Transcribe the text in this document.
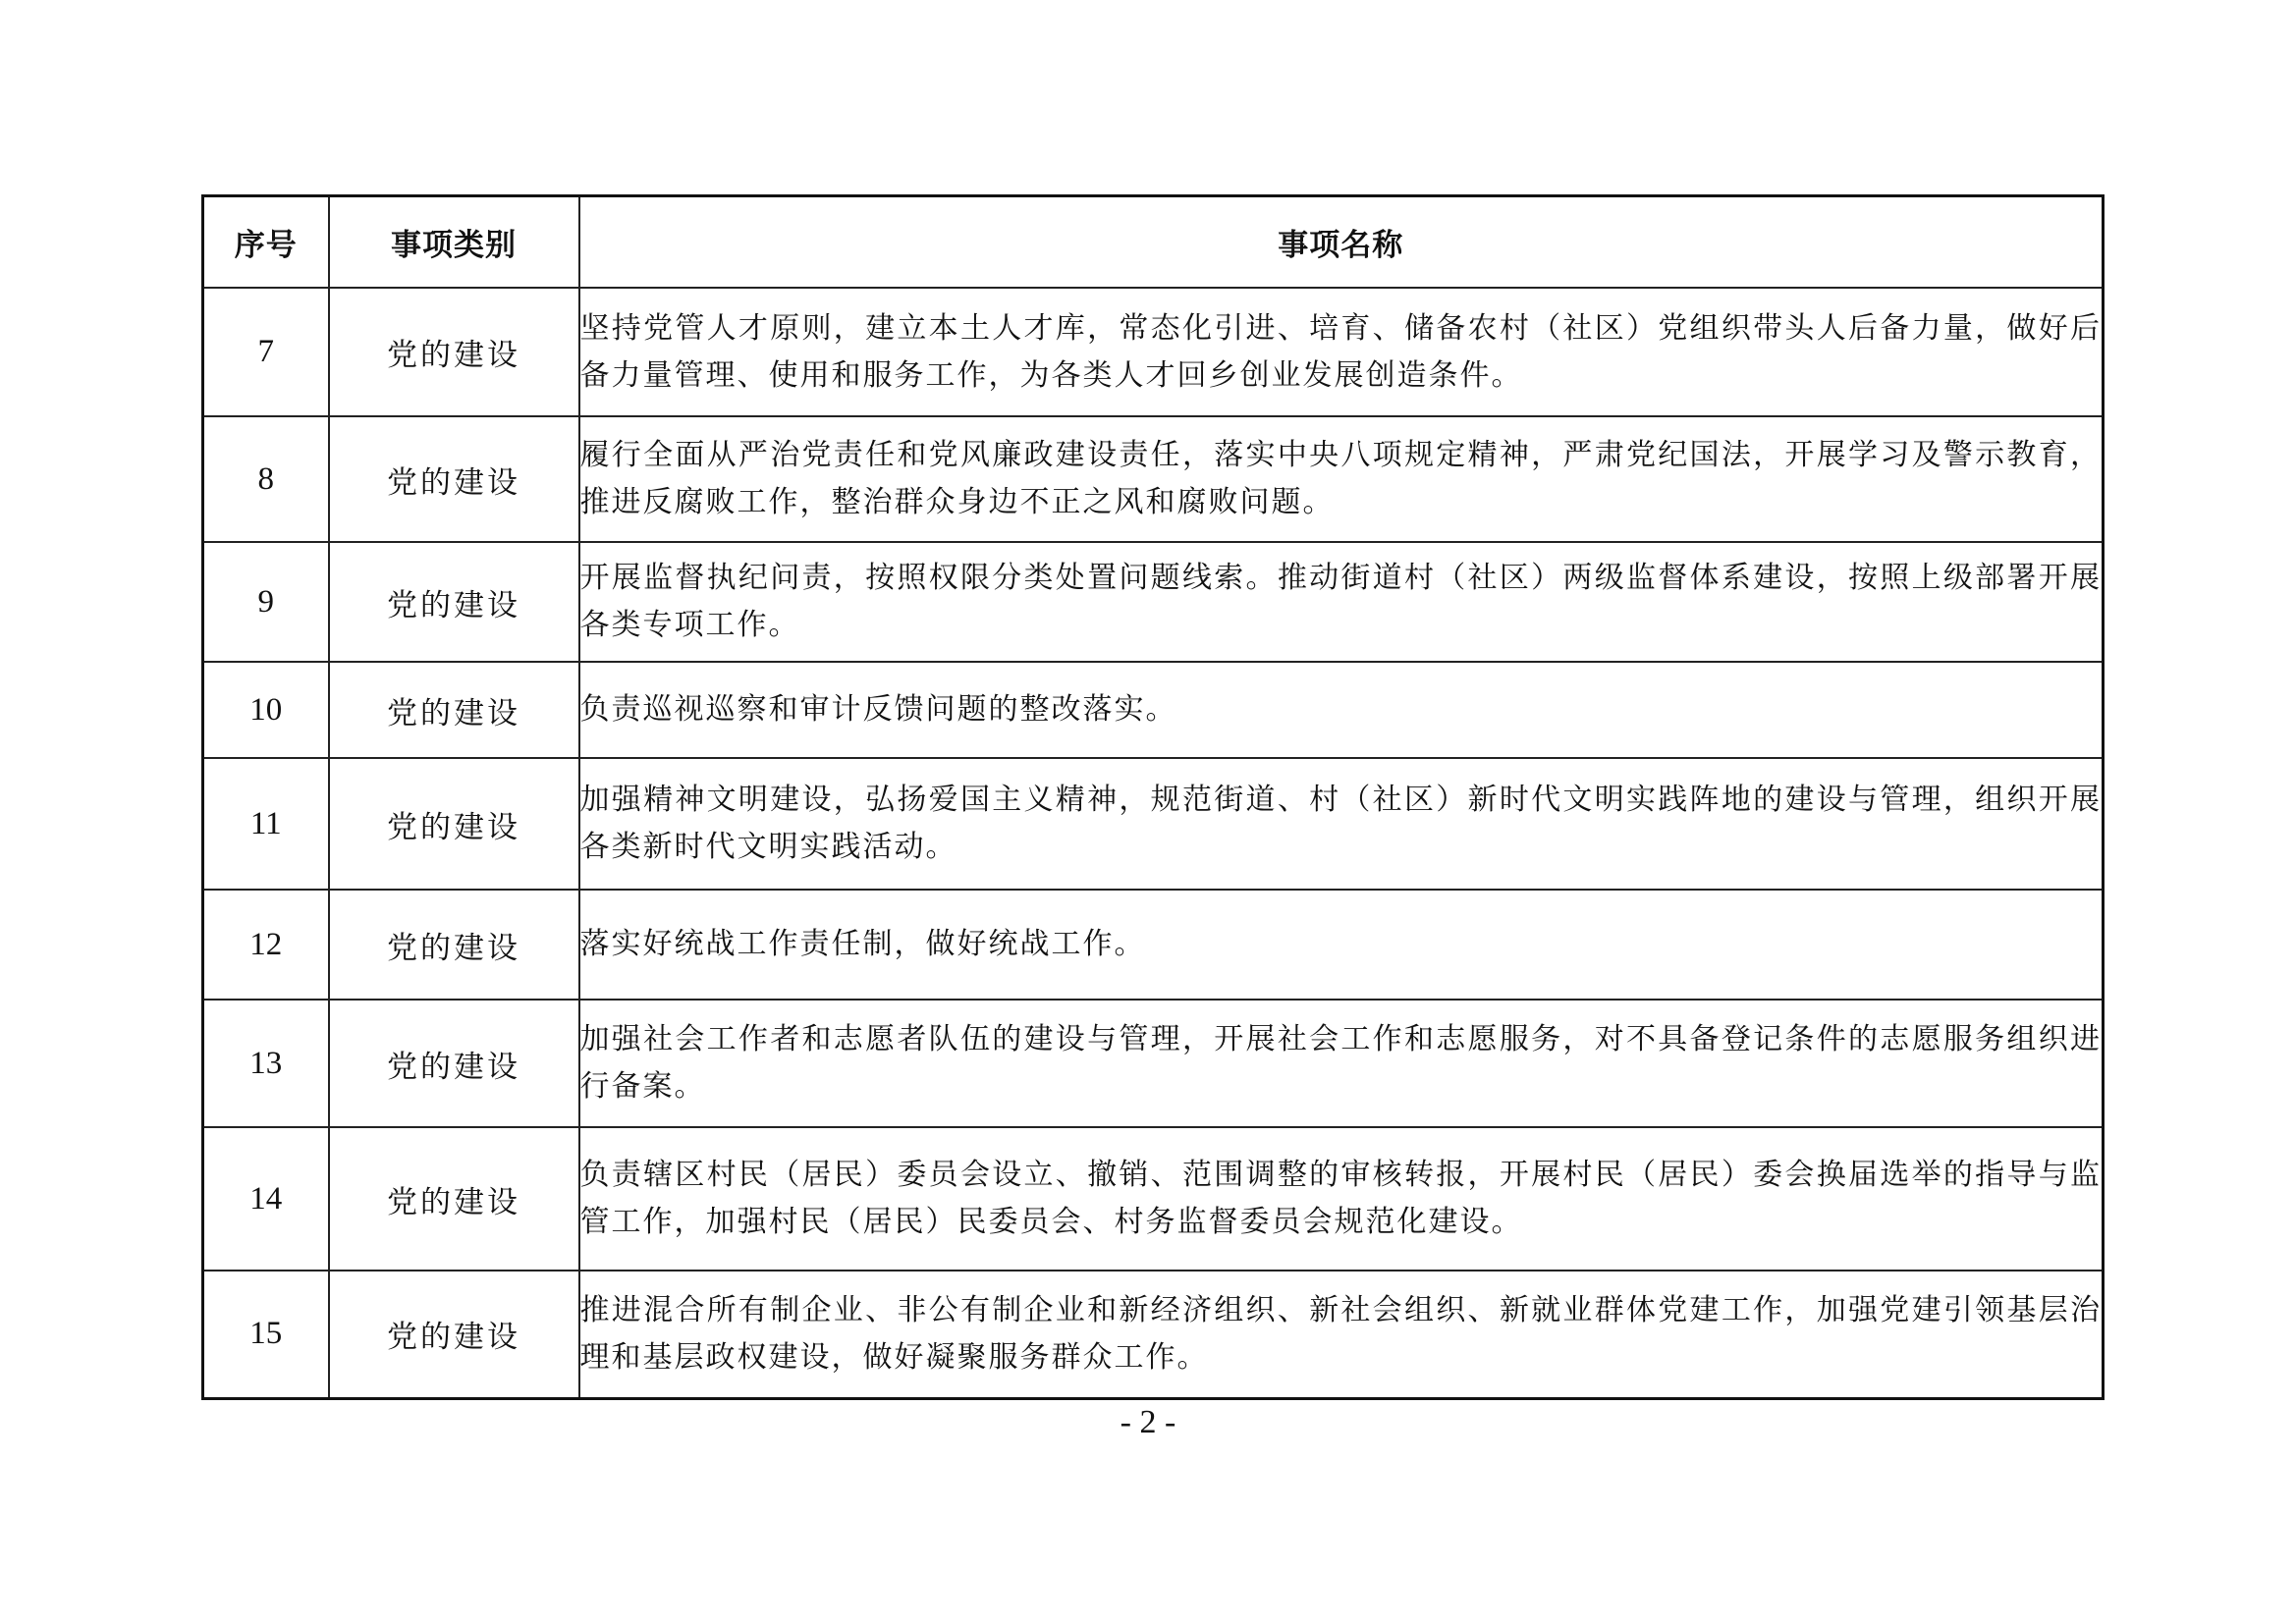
序号	事项类别	事项名称
7	党的建设	坚持党管人才原则，建立本土人才库，常态化引进、培育、储备农村（社区）党组织带头人后备力量，做好后备力量管理、使用和服务工作，为各类人才回乡创业发展创造条件。
8	党的建设	履行全面从严治党责任和党风廉政建设责任，落实中央八项规定精神，严肃党纪国法，开展学习及警示教育，推进反腐败工作，整治群众身边不正之风和腐败问题。
9	党的建设	开展监督执纪问责，按照权限分类处置问题线索。推动街道村（社区）两级监督体系建设，按照上级部署开展各类专项工作。
10	党的建设	负责巡视巡察和审计反馈问题的整改落实。
11	党的建设	加强精神文明建设，弘扬爱国主义精神，规范街道、村（社区）新时代文明实践阵地的建设与管理，组织开展各类新时代文明实践活动。
12	党的建设	落实好统战工作责任制，做好统战工作。
13	党的建设	加强社会工作者和志愿者队伍的建设与管理，开展社会工作和志愿服务，对不具备登记条件的志愿服务组织进行备案。
14	党的建设	负责辖区村民（居民）委员会设立、撤销、范围调整的审核转报，开展村民（居民）委会换届选举的指导与监管工作，加强村民（居民）民委员会、村务监督委员会规范化建设。
15	党的建设	推进混合所有制企业、非公有制企业和新经济组织、新社会组织、新就业群体党建工作，加强党建引领基层治理和基层政权建设，做好凝聚服务群众工作。
- 2 -
